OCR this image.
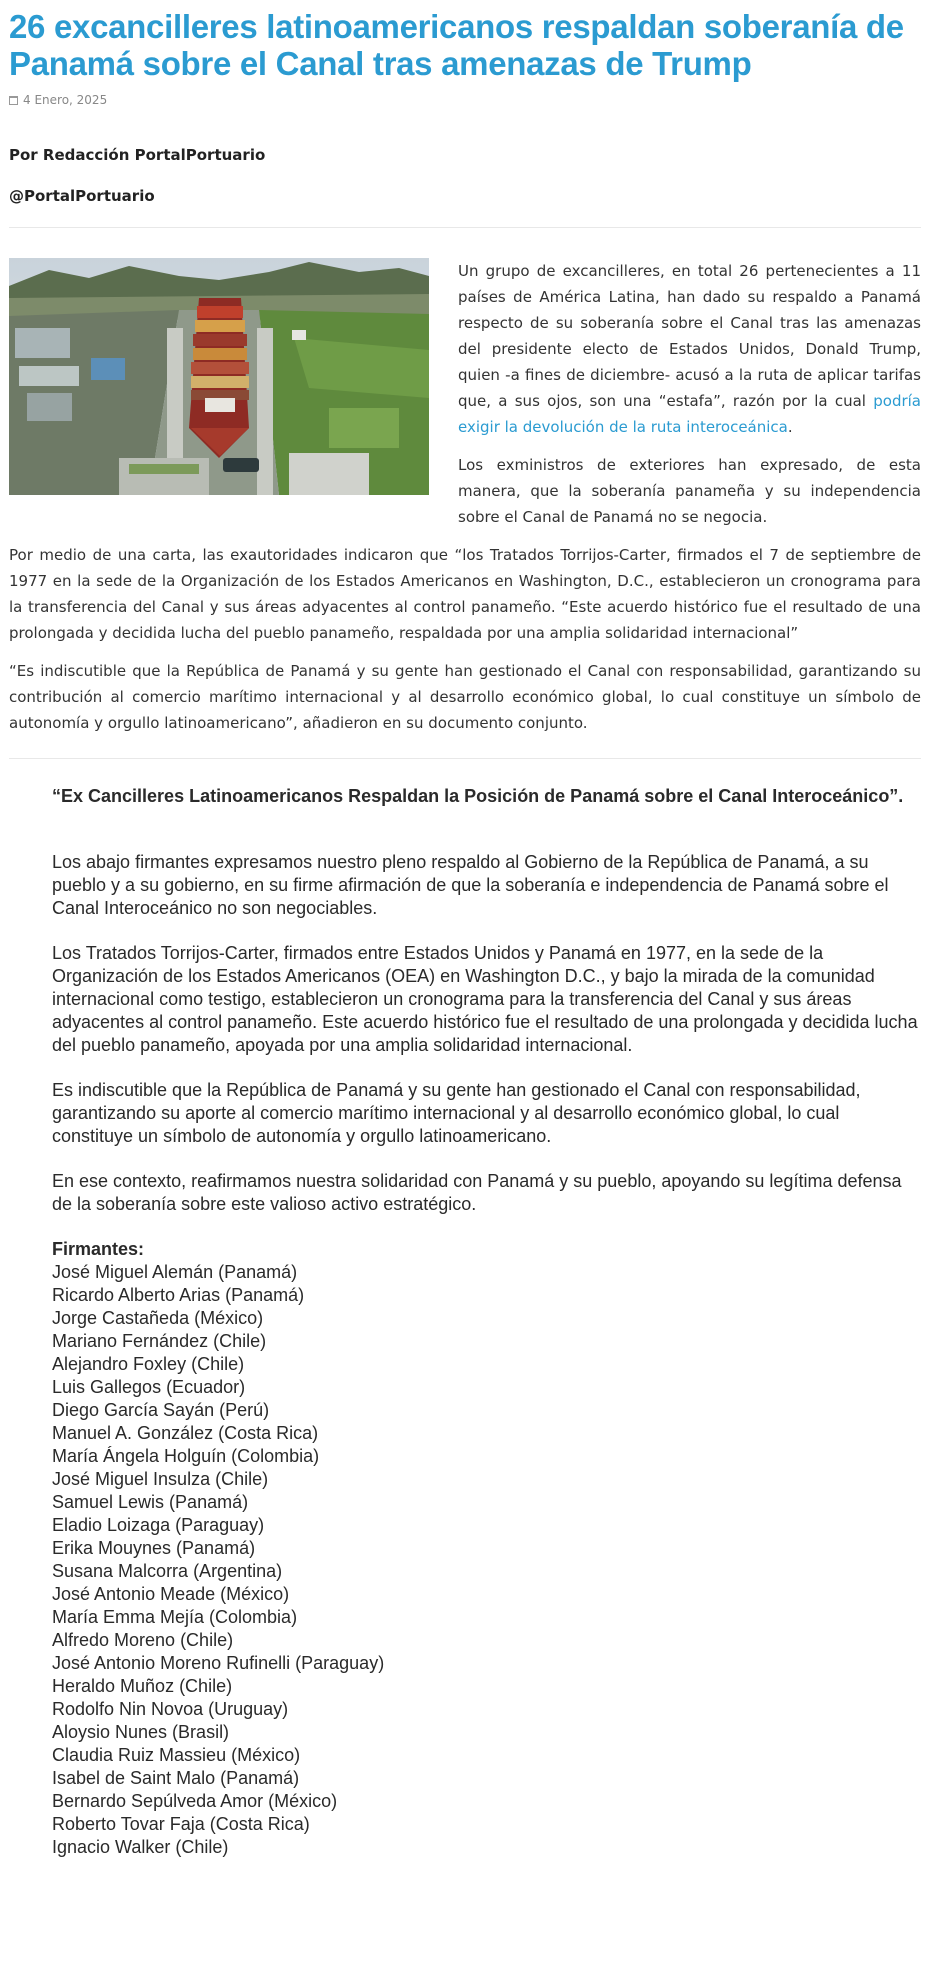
26 excancilleres latinoamericanos respaldan soberanía de Panamá sobre el Canal tras amenazas de Trump
4 Enero, 2025
Por Redacción PortalPortuario
@PortalPortuario

Un grupo de excancilleres, en total 26 pertenecientes a 11 países de América Latina, han dado su respaldo a Panamá respecto de su soberanía sobre el Canal tras las amenazas del presidente electo de Estados Unidos, Donald Trump, quien -a fines de diciembre- acusó a la ruta de aplicar tarifas que, a sus ojos, son una “estafa”, razón por la cual podría exigir la devolución de la ruta interoceánica.

Los exministros de exteriores han expresado, de esta manera, que la soberanía panameña y su independencia sobre el Canal de Panamá no se negocia.

Por medio de una carta, las exautoridades indicaron que “los Tratados Torrijos-Carter, firmados el 7 de septiembre de 1977 en la sede de la Organización de los Estados Americanos en Washington, D.C., establecieron un cronograma para la transferencia del Canal y sus áreas adyacentes al control panameño. “Este acuerdo histórico fue el resultado de una prolongada y decidida lucha del pueblo panameño, respaldada por una amplia solidaridad internacional”

“Es indiscutible que la República de Panamá y su gente han gestionado el Canal con responsabilidad, garantizando su contribución al comercio marítimo internacional y al desarrollo económico global, lo cual constituye un símbolo de autonomía y orgullo latinoamericano”, añadieron en su documento conjunto.

“Ex Cancilleres Latinoamericanos Respaldan la Posición de Panamá sobre el Canal Interoceánico”.

Los abajo firmantes expresamos nuestro pleno respaldo al Gobierno de la República de Panamá, a su pueblo y a su gobierno, en su firme afirmación de que la soberanía e independencia de Panamá sobre el Canal Interoceánico no son negociables.

Los Tratados Torrijos-Carter, firmados entre Estados Unidos y Panamá en 1977, en la sede de la Organización de los Estados Americanos (OEA) en Washington D.C., y bajo la mirada de la comunidad internacional como testigo, establecieron un cronograma para la transferencia del Canal y sus áreas adyacentes al control panameño. Este acuerdo histórico fue el resultado de una prolongada y decidida lucha del pueblo panameño, apoyada por una amplia solidaridad internacional.

Es indiscutible que la República de Panamá y su gente han gestionado el Canal con responsabilidad, garantizando su aporte al comercio marítimo internacional y al desarrollo económico global, lo cual constituye un símbolo de autonomía y orgullo latinoamericano.

En ese contexto, reafirmamos nuestra solidaridad con Panamá y su pueblo, apoyando su legítima defensa de la soberanía sobre este valioso activo estratégico.

Firmantes:

José Miguel Alemán (Panamá)
Ricardo Alberto Arias (Panamá)
Jorge Castañeda (México)
Mariano Fernández (Chile)
Alejandro Foxley (Chile)
Luis Gallegos (Ecuador)
Diego García Sayán (Perú)
Manuel A. González (Costa Rica)
María Ángela Holguín (Colombia)
José Miguel Insulza (Chile)
Samuel Lewis (Panamá)
Eladio Loizaga (Paraguay)
Erika Mouynes (Panamá)
Susana Malcorra (Argentina)
José Antonio Meade (México)
María Emma Mejía (Colombia)
Alfredo Moreno (Chile)
José Antonio Moreno Rufinelli (Paraguay)
Heraldo Muñoz (Chile)
Rodolfo Nin Novoa (Uruguay)
Aloysio Nunes (Brasil)
Claudia Ruiz Massieu (México)
Isabel de Saint Malo (Panamá)
Bernardo Sepúlveda Amor (México)
Roberto Tovar Faja (Costa Rica)
Ignacio Walker (Chile)
